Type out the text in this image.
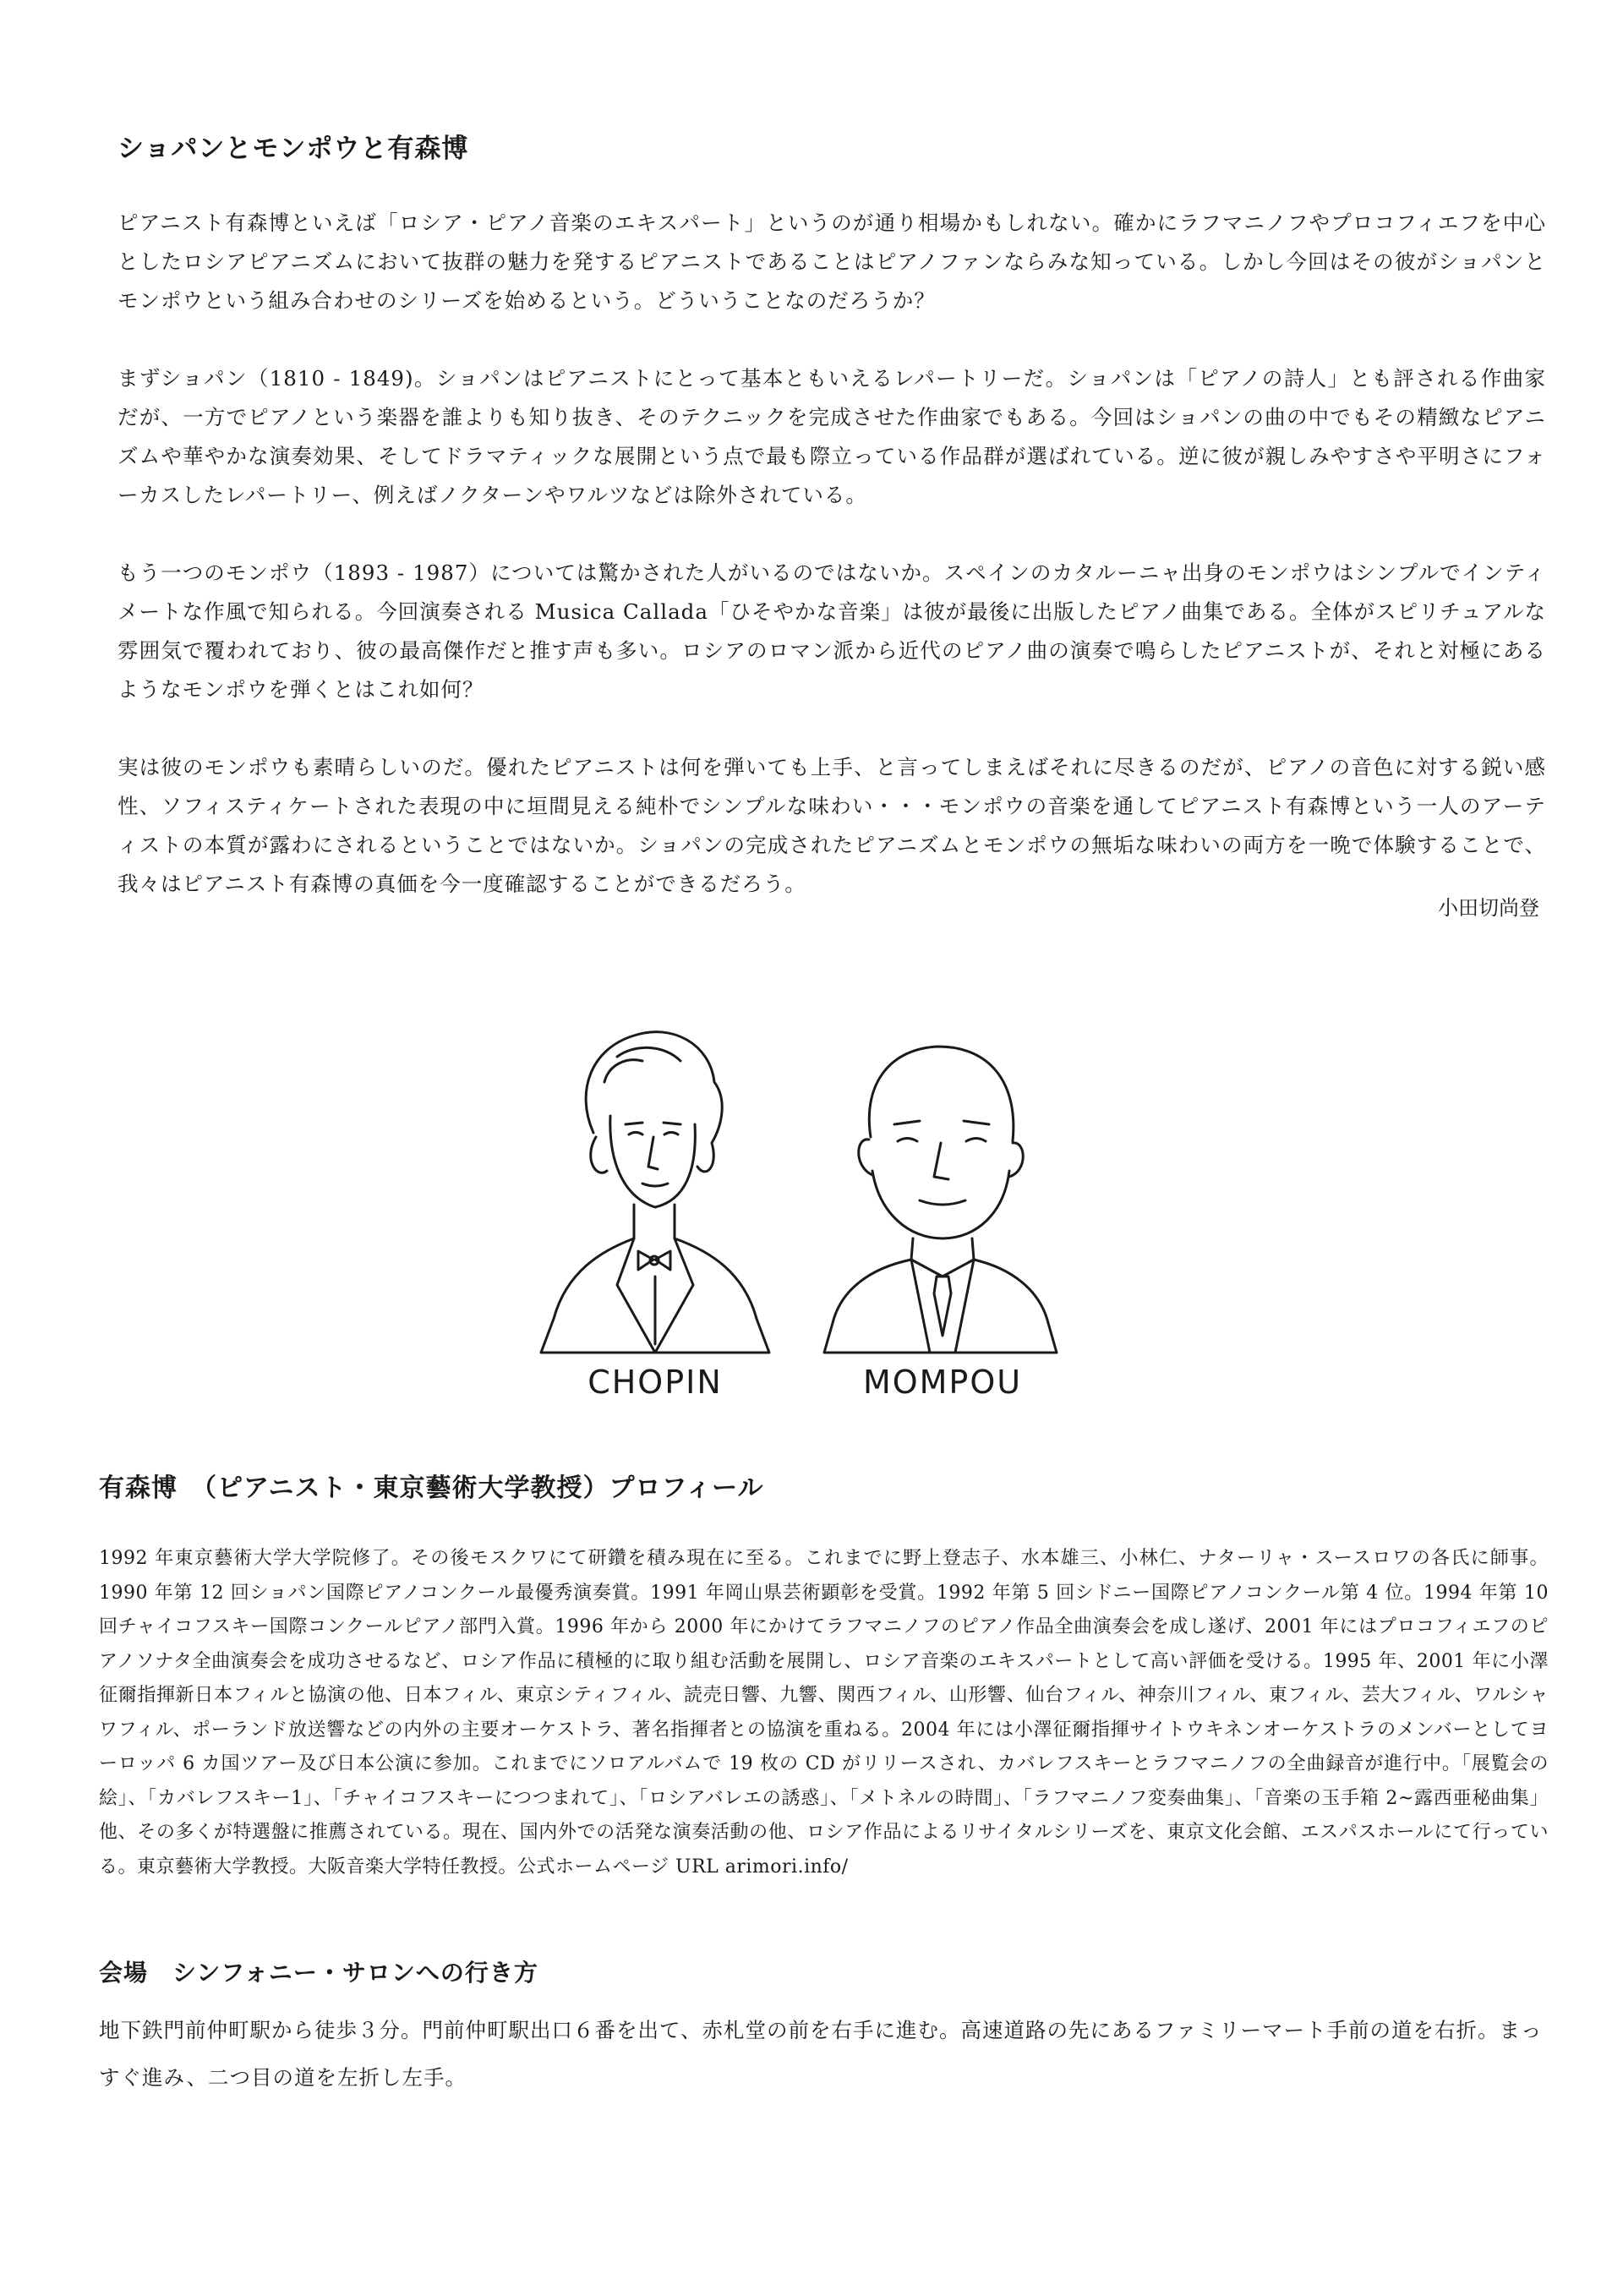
ショパンとモンポウと有森博

ピアニスト有森博といえば「ロシア・ピアノ音楽のエキスパート」というのが通り相場かもしれない。確かにラフマニノフやプロコフィエフを中心としたロシアピアニズムにおいて抜群の魅力を発するピアニストであることはピアノファンならみな知っている。しかし今回はその彼がショパンとモンポウという組み合わせのシリーズを始めるという。どういうことなのだろうか？

まずショパン（1810 - 1849)。ショパンはピアニストにとって基本ともいえるレパートリーだ。ショパンは「ピアノの詩人」とも評される作曲家だが、一方でピアノという楽器を誰よりも知り抜き、そのテクニックを完成させた作曲家でもある。今回はショパンの曲の中でもその精緻なピアニズムや華やかな演奏効果、そしてドラマティックな展開という点で最も際立っている作品群が選ばれている。逆に彼が親しみやすさや平明さにフォーカスしたレパートリー、例えばノクターンやワルツなどは除外されている。

もう一つのモンポウ（1893 - 1987）については驚かされた人がいるのではないか。スペインのカタルーニャ出身のモンポウはシンプルでインティメートな作風で知られる。今回演奏される Musica Callada「ひそやかな音楽」は彼が最後に出版したピアノ曲集である。全体がスピリチュアルな雰囲気で覆われており、彼の最高傑作だと推す声も多い。ロシアのロマン派から近代のピアノ曲の演奏で鳴らしたピアニストが、それと対極にあるようなモンポウを弾くとはこれ如何？

実は彼のモンポウも素晴らしいのだ。優れたピアニストは何を弾いても上手、と言ってしまえばそれに尽きるのだが、ピアノの音色に対する鋭い感性、ソフィスティケートされた表現の中に垣間見える純朴でシンプルな味わい・・・モンポウの音楽を通してピアニスト有森博という一人のアーティストの本質が露わにされるということではないか。ショパンの完成されたピアニズムとモンポウの無垢な味わいの両方を一晩で体験することで、我々はピアニスト有森博の真価を今一度確認することができるだろう。

小田切尚登
CHOPIN	MOMPOU
有森博　（ピアニスト・東京藝術大学教授）プロフィール

1992 年東京藝術大学大学院修了。その後モスクワにて研鑽を積み現在に至る。これまでに野上登志子、水本雄三、小林仁、ナターリャ・スースロワの各氏に師事。1990 年第 12 回ショパン国際ピアノコンクール最優秀演奏賞。1991 年岡山県芸術顕彰を受賞。1992 年第 5 回シドニー国際ピアノコンクール第 4 位。1994 年第 10 回チャイコフスキー国際コンクールピアノ部門入賞。1996 年から 2000 年にかけてラフマニノフのピアノ作品全曲演奏会を成し遂げ、2001 年にはプロコフィエフのピアノソナタ全曲演奏会を成功させるなど、ロシア作品に積極的に取り組む活動を展開し、ロシア音楽のエキスパートとして高い評価を受ける。1995 年、2001 年に小澤征爾指揮新日本フィルと協演の他、日本フィル、東京シティフィル、読売日響、九響、関西フィル、山形響、仙台フィル、神奈川フィル、東フィル、芸大フィル、ワルシャワフィル、ポーランド放送響などの内外の主要オーケストラ、著名指揮者との協演を重ねる。2004 年には小澤征爾指揮サイトウキネンオーケストラのメンバーとしてヨーロッパ 6 カ国ツアー及び日本公演に参加。これまでにソロアルバムで 19 枚の CD がリリースされ、カバレフスキーとラフマニノフの全曲録音が進行中。「展覧会の絵」、「カバレフスキー1」、「チャイコフスキーにつつまれて」、「ロシアバレエの誘惑」、「メトネルの時間」、「ラフマニノフ変奏曲集」、「音楽の玉手箱 2~露西亜秘曲集」他、その多くが特選盤に推薦されている。現在、国内外での活発な演奏活動の他、ロシア作品によるリサイタルシリーズを、東京文化会館、エスパスホールにて行っている。東京藝術大学教授。大阪音楽大学特任教授。公式ホームページ URL arimori.info/

会場　シンフォニー・サロンへの行き方

地下鉄門前仲町駅から徒歩３分。門前仲町駅出口６番を出て、赤札堂の前を右手に進む。高速道路の先にあるファミリーマート手前の道を右折。まっすぐ進み、二つ目の道を左折し左手。
